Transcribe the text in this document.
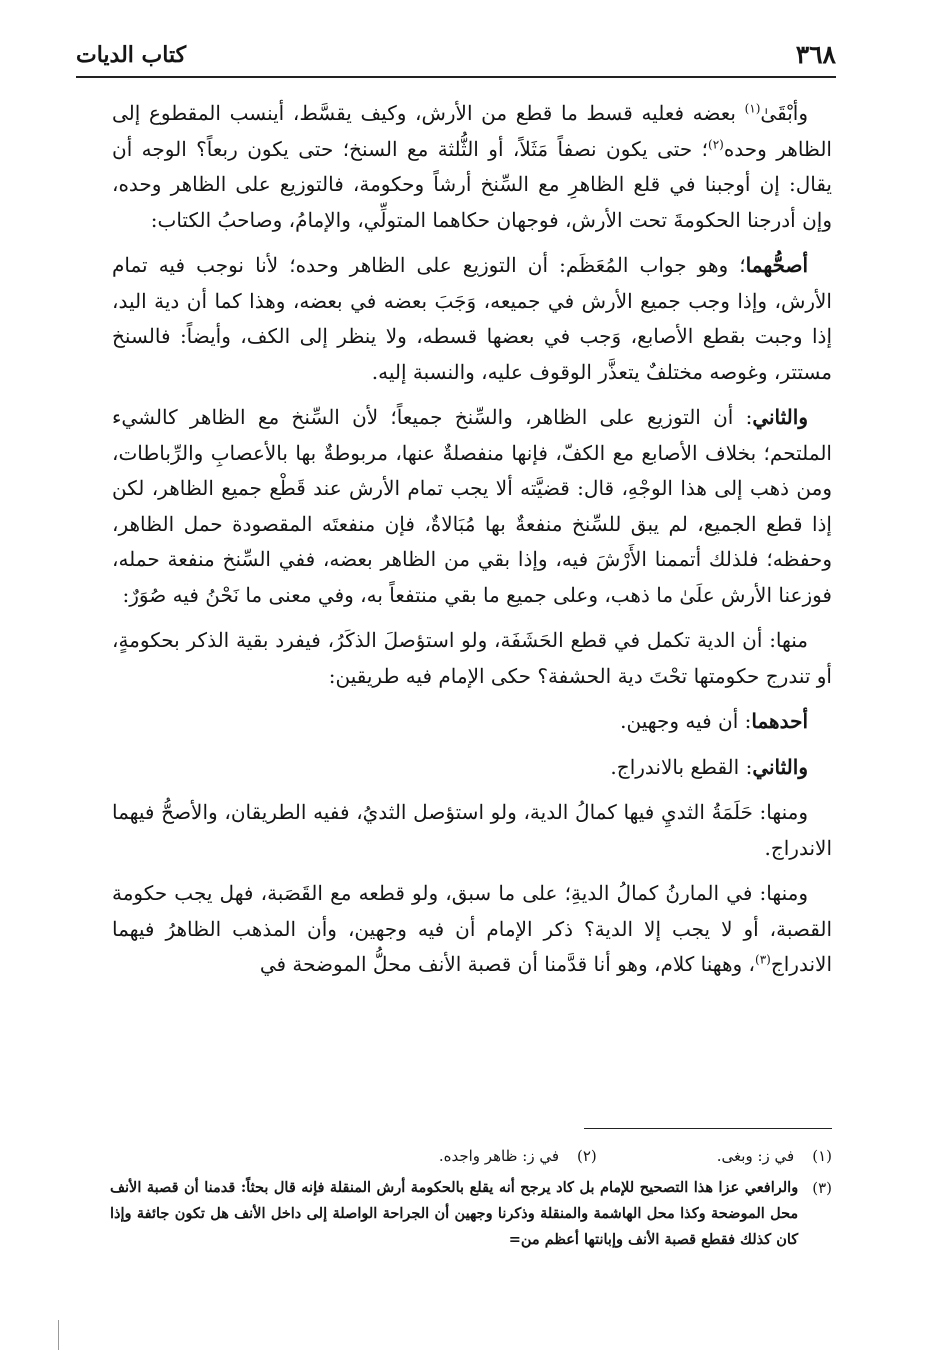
٣٦٨
كتاب الديات

وأبْقَىٰ$^{(١)}$ بعضه فعليه قسط ما قطع من الأرش، وكيف يقسَّط، أينسب المقطوع إلى الظاهر وحده$^{(٢)}$؛ حتى يكون نصفاً مَثَلاً، أو الثُّلثة مع السنخ؛ حتى يكون ربعاً؟ الوجه أن يقال: إن أوجبنا في قلع الظاهرِ مع السِّنخ أرشاً وحكومة، فالتوزيع على الظاهر وحده، وإن أدرجنا الحكومةَ تحت الأرش، فوجهان حكاهما المتولِّي، والإمامُ، وصاحبُ الكتاب:

أصحُّهما؛ وهو جواب المُعَظَم: أن التوزيع على الظاهر وحده؛ لأنا نوجب فيه تمام الأرش، وإذا وجب جميع الأرش في جميعه، وَجَبَ بعضه في بعضه، وهذا كما أن دية اليد، إذا وجبت بقطع الأصابع، وَجب في بعضها قسطه، ولا ينظر إلى الكف، وأيضاً: فالسنخ مستتر، وغوصه مختلفٌ يتعذَّر الوقوف عليه، والنسبة إليه.

والثاني: أن التوزيع على الظاهر، والسِّنخ جميعاً؛ لأن السِّنخ مع الظاهر كالشيء الملتحم؛ بخلاف الأصابع مع الكفّ، فإنها منفصلةٌ عنها، مربوطةٌ بها بالأعصابِ والرِّباطات، ومن ذهب إلى هذا الوجْهِ، قال: قضيَّته ألا يجب تمام الأرش عند قَطْع جميع الظاهر، لكن إذا قطع الجميع، لم يبق للسِّنخ منفعةٌ بها مُبَالاةٌ، فإن منفعتَه المقصودة حمل الظاهر، وحفظه؛ فلذلك أتممنا الأَرْشَ فيه، وإذا بقي من الظاهر بعضه، ففي السِّنخ منفعة حمله، فوزعنا الأرش علَىٰ ما ذهب، وعلى جميع ما بقي منتفعاً به، وفي معنى ما نَحْنُ فيه صُوَرٌ:

منها: أن الدية تكمل في قطع الحَشَفَة، ولو استؤصلَ الذكَرُ، فيفرد بقية الذكر بحكومةٍ، أو تندرج حكومتها تحْتَ دية الحشفة؟ حكى الإمام فيه طريقين:

أحدهما: أن فيه وجهين.

والثاني: القطع بالاندراج.

ومنها: حَلَمَةُ الثديِ فيها كمالُ الدية، ولو استؤصل الثديُ، ففيه الطريقان، والأصحُّ فيهما الاندراج.

ومنها: في المارنُ كمالُ الديةِ؛ على ما سبق، ولو قطعه مع القَصَبة، فهل يجب حكومة القصبة، أو لا يجب إلا الدية؟ ذكر الإمام أن فيه وجهين، وأن المذهب الظاهرُ فيهما الاندراج$^{(٣)}$، وههنا كلام، وهو أنا قدَّمنا أن قصبة الأنف محلُّ الموضحة في

(١)
في ز: وبغى.
(٢)
في ز: ظاهر واجده.
(٣)
والرافعي عزا هذا التصحيح للإمام بل كاد يرجح أنه يقلع بالحكومة أرش المنقلة فإنه قال بحثاً: قدمنا أن قصبة الأنف محل الموضحة وكذا محل الهاشمة والمنقلة وذكرنا وجهين أن الجراحة الواصلة إلى داخل الأنف هل تكون جائفة وإذا كان كذلك فقطع قصبة الأنف وإبانتها أعظم من=
